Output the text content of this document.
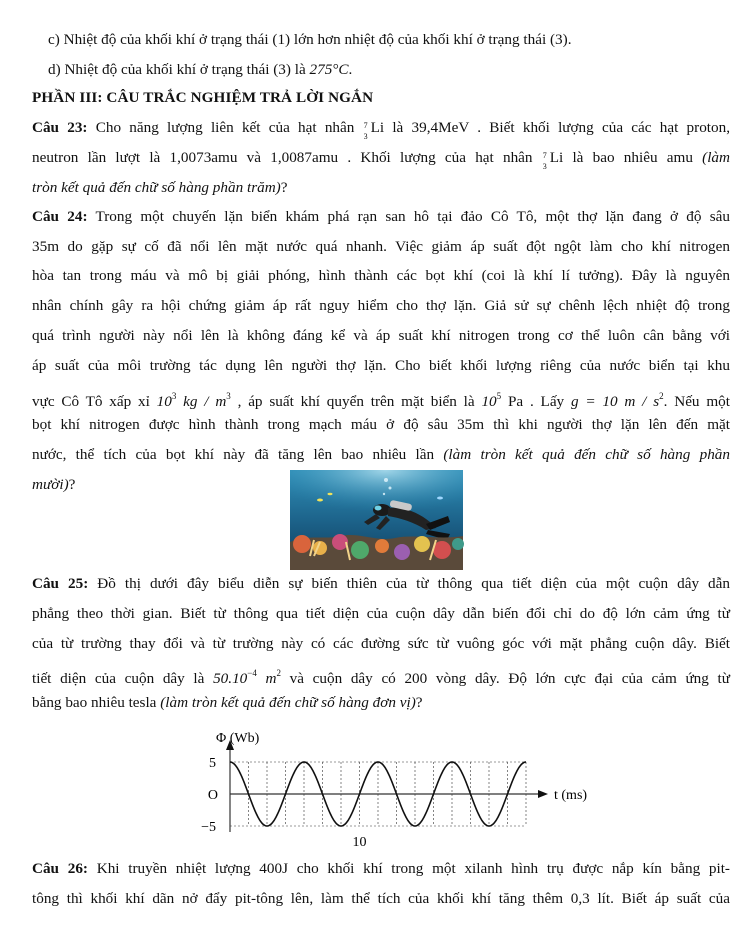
c) Nhiệt độ của khối khí ở trạng thái (1) lớn hơn nhiệt độ của khối khí ở trạng thái (3).
d) Nhiệt độ của khối khí ở trạng thái (3) là 275°C.
PHẦN III: CÂU TRẮC NGHIỆM TRẢ LỜI NGẮN
Câu 23: Cho năng lượng liên kết của hạt nhân 7
3
Li là 39,4MeV . Biết khối lượng của các hạt proton,
neutron lần lượt là 1,0073amu và 1,0087amu . Khối lượng của hạt nhân 7
3
Li là bao nhiêu amu (làm
tròn kết quả đến chữ số hàng phần trăm)?
Câu 24: Trong một chuyến lặn biển khám phá rạn san hô tại đảo Cô Tô, một thợ lặn đang ở độ sâu
35m do gặp sự cố đã nổi lên mặt nước quá nhanh. Việc giảm áp suất đột ngột làm cho khí nitrogen
hòa tan trong máu và mô bị giải phóng, hình thành các bọt khí (coi là khí lí tưởng). Đây là nguyên
nhân chính gây ra hội chứng giảm áp rất nguy hiểm cho thợ lặn. Giả sử sự chênh lệch nhiệt độ trong
quá trình người này nổi lên là không đáng kể và áp suất khí nitrogen trong cơ thể luôn cân bằng với
áp suất của môi trường tác dụng lên người thợ lặn. Cho biết khối lượng riêng của nước biển tại khu
vực Cô Tô xấp xỉ $10^3$ kg / $m^3$ , áp suất khí quyển trên mặt biển là $10^5$ Pa . Lấy g = 10 m / $s^2$. Nếu một
bọt khí nitrogen được hình thành trong mạch máu ở độ sâu 35m thì khi người thợ lặn lên đến mặt
nước, thể tích của bọt khí này đã tăng lên bao nhiêu lần (làm tròn kết quả đến chữ số hàng phần
mười)?
Câu 25: Đồ thị dưới đây biểu diễn sự biến thiên của từ thông qua tiết diện của một cuộn dây dẫn
phẳng theo thời gian. Biết từ thông qua tiết diện của cuộn dây dẫn biến đổi chỉ do độ lớn cảm ứng từ
của từ trường thay đổi và từ trường này có các đường sức từ vuông góc với mặt phẳng cuộn dây. Biết
tiết diện của cuộn dây là $50.10^{-4}$ $m^2$ và cuộn dây có 200 vòng dây. Độ lớn cực đại của cảm ứng từ
bằng bao nhiêu tesla (làm tròn kết quả đến chữ số hàng đơn vị)?
Φ (Wb)
t (ms)
5
O
−5
10
Câu 26: Khi truyền nhiệt lượng 400J cho khối khí trong một xilanh hình trụ được nắp kín bằng pit-
tông thì khối khí dãn nở đẩy pit-tông lên, làm thể tích của khối khí tăng thêm 0,3 lít. Biết áp suất của
